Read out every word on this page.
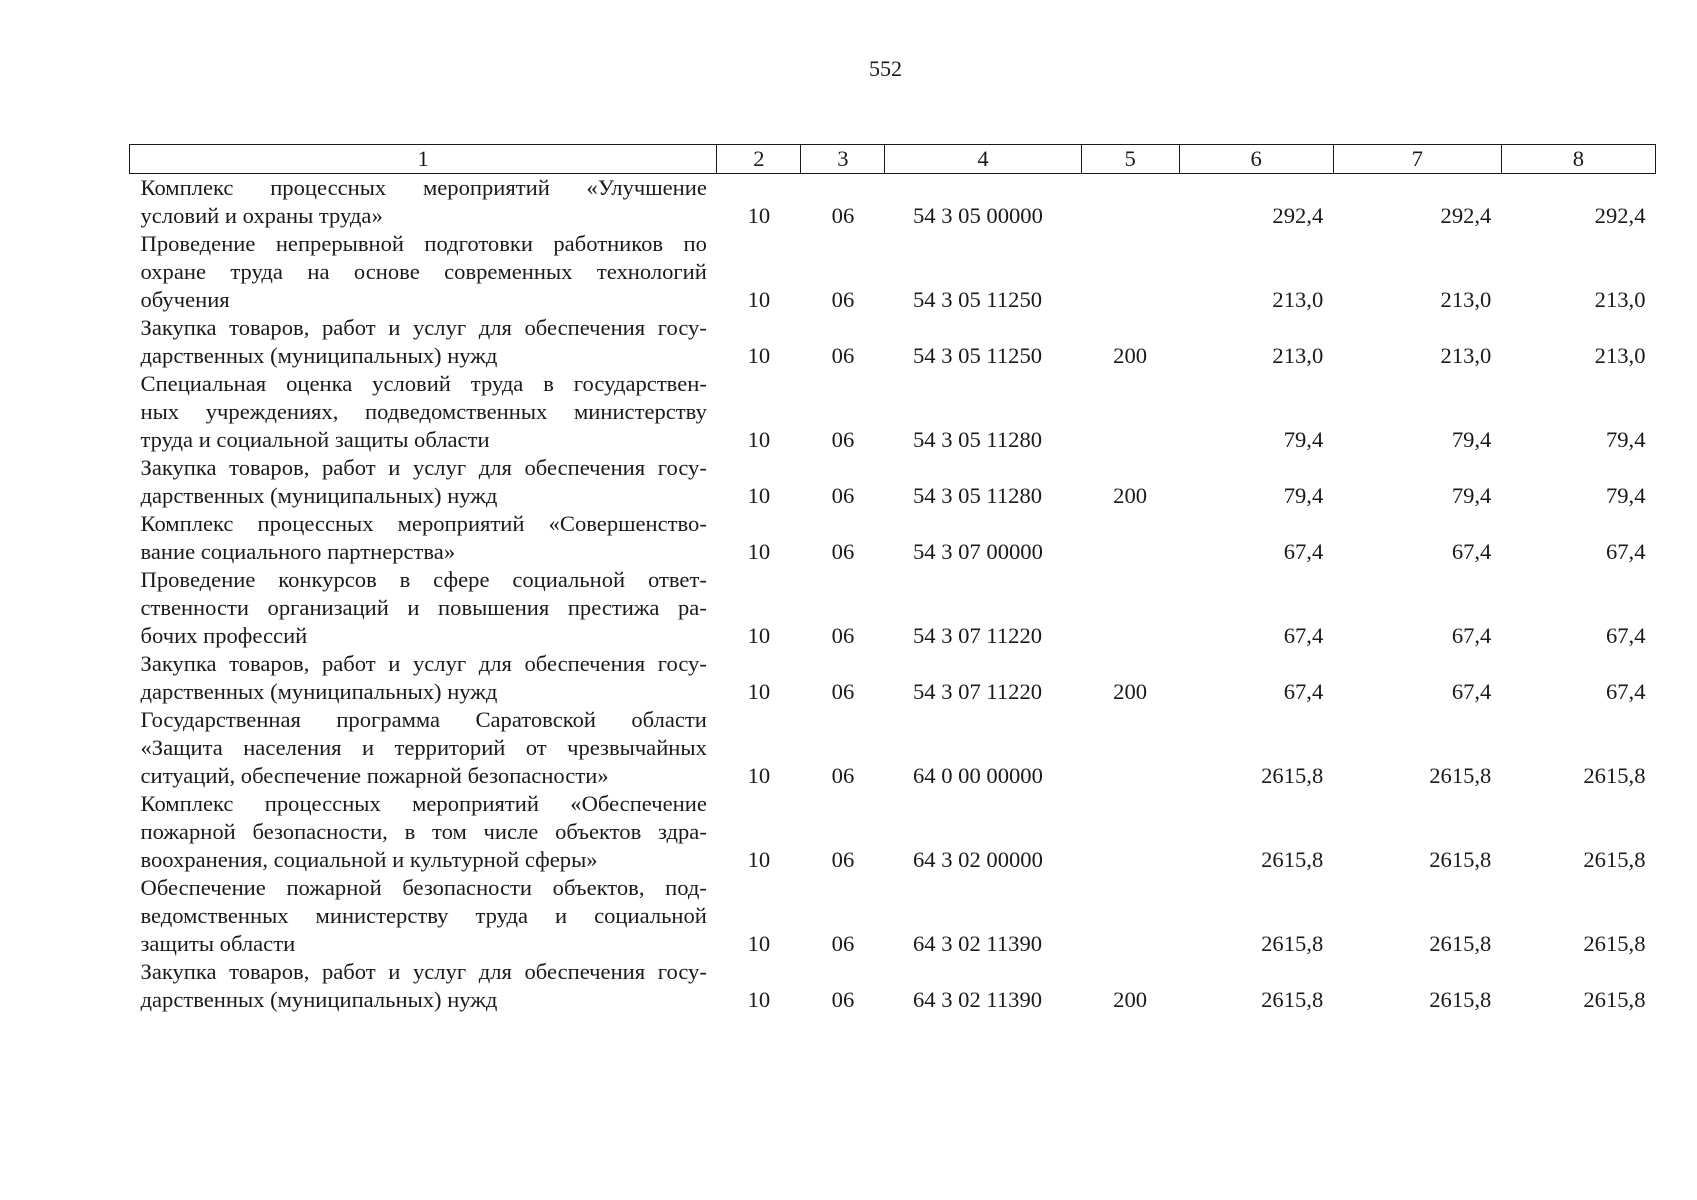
552
1	2	3	4	5	6	7	8

Комплекс процессных мероприятий «Улучшение
условий и охраны труда»	10	06	54 3 05 00000		292,4	292,4	292,4

Проведение непрерывной подготовки работников по
охране труда на основе современных технологий
обучения	10	06	54 3 05 11250		213,0	213,0	213,0

Закупка товаров, работ и услуг для обеспечения госу-
дарственных (муниципальных) нужд	10	06	54 3 05 11250	200	213,0	213,0	213,0

Специальная оценка условий труда в государствен-
ных учреждениях, подведомственных министерству
труда и социальной защиты области	10	06	54 3 05 11280		79,4	79,4	79,4

Закупка товаров, работ и услуг для обеспечения госу-
дарственных (муниципальных) нужд	10	06	54 3 05 11280	200	79,4	79,4	79,4

Комплекс процессных мероприятий «Совершенство-
вание социального партнерства»	10	06	54 3 07 00000		67,4	67,4	67,4

Проведение конкурсов в сфере социальной ответ-
ственности организаций и повышения престижа ра-
бочих профессий	10	06	54 3 07 11220		67,4	67,4	67,4

Закупка товаров, работ и услуг для обеспечения госу-
дарственных (муниципальных) нужд	10	06	54 3 07 11220	200	67,4	67,4	67,4

Государственная программа Саратовской области
«Защита населения и территорий от чрезвычайных
ситуаций, обеспечение пожарной безопасности»	10	06	64 0 00 00000		2615,8	2615,8	2615,8

Комплекс процессных мероприятий «Обеспечение
пожарной безопасности, в том числе объектов здра-
воохранения, социальной и культурной сферы»	10	06	64 3 02 00000		2615,8	2615,8	2615,8

Обеспечение пожарной безопасности объектов, под-
ведомственных министерству труда и социальной
защиты области	10	06	64 3 02 11390		2615,8	2615,8	2615,8

Закупка товаров, работ и услуг для обеспечения госу-
дарственных (муниципальных) нужд	10	06	64 3 02 11390	200	2615,8	2615,8	2615,8
